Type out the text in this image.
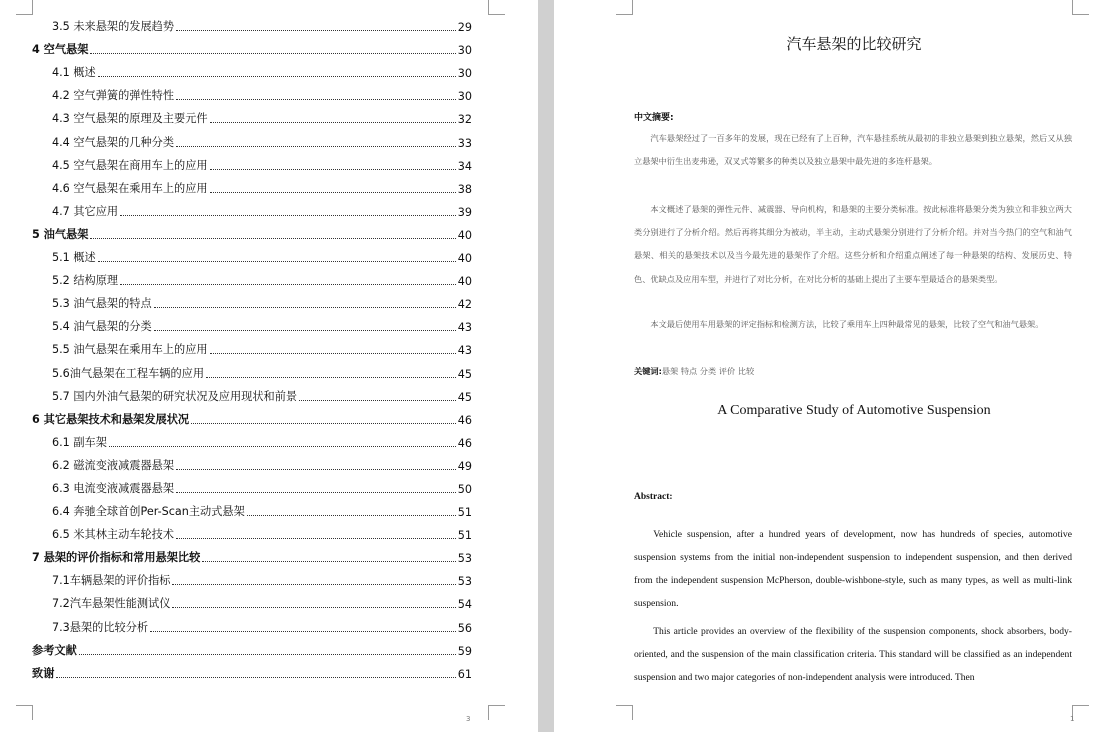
3.5 未来悬架的发展趋势	29
4 空气悬架	30
4.1 概述	30
4.2 空气弹簧的弹性特性	30
4.3 空气悬架的原理及主要元件	32
4.4 空气悬架的几种分类	33
4.5 空气悬架在商用车上的应用	34
4.6 空气悬架在乘用车上的应用	38
4.7 其它应用	39
5 油气悬架	40
5.1 概述	40
5.2 结构原理	40
5.3 油气悬架的特点	42
5.4 油气悬架的分类	43
5.5 油气悬架在乘用车上的应用	43
5.6油气悬架在工程车辆的应用	45
5.7 国内外油气悬架的研究状况及应用现状和前景	45
6 其它悬架技术和悬架发展状况	46
6.1 副车架	46
6.2 磁流变液减震器悬架	49
6.3 电流变液减震器悬架	50
6.4 奔驰全球首创Per-Scan主动式悬架	51
6.5 米其林主动车轮技术	51
7 悬架的评价指标和常用悬架比较	53
7.1车辆悬架的评价指标	53
7.2汽车悬架性能测试仪	54
7.3悬架的比较分析	56
参考文献	59
致谢	61
3
汽车悬架的比较研究
中文摘要:

汽车悬架经过了一百多年的发展，现在已经有了上百种，汽车悬挂系统从最初的非独立悬架到独立悬架，然后又从独立悬架中衍生出麦弗逊，双叉式等繁多的种类以及独立悬架中最先进的多连杆悬架。

本文概述了悬架的弹性元件、减震器、导向机构，和悬架的主要分类标准。按此标准将悬架分类为独立和非独立两大类分别进行了分析介绍。然后再将其细分为被动，半主动，主动式悬架分别进行了分析介绍。并对当今热门的空气和油气悬架、相关的悬架技术以及当今最先进的悬架作了介绍。这些分析和介绍重点阐述了每一种悬架的结构、发展历史、特色、优缺点及应用车型，并进行了对比分析，在对比分析的基础上提出了主要车型最适合的悬架类型。

本文最后使用车用悬架的评定指标和检测方法，比较了乘用车上四种最常见的悬架，比较了空气和油气悬架。

关键词:悬架 特点 分类 评价 比较
A Comparative Study of Automotive Suspension
Abstract:

Vehicle suspension, after a hundred years of development, now has hundreds of species, automotive suspension systems from the initial non-independent suspension to independent suspension, and then derived from the independent suspension McPherson, double-wishbone-style, such as many types, as well as multi-link suspension.

This article provides an overview of the flexibility of the suspension components, shock absorbers, body-oriented, and the suspension of the main classification criteria. This standard will be classified as an independent suspension and two major categories of non-independent analysis were introduced. Then

1
